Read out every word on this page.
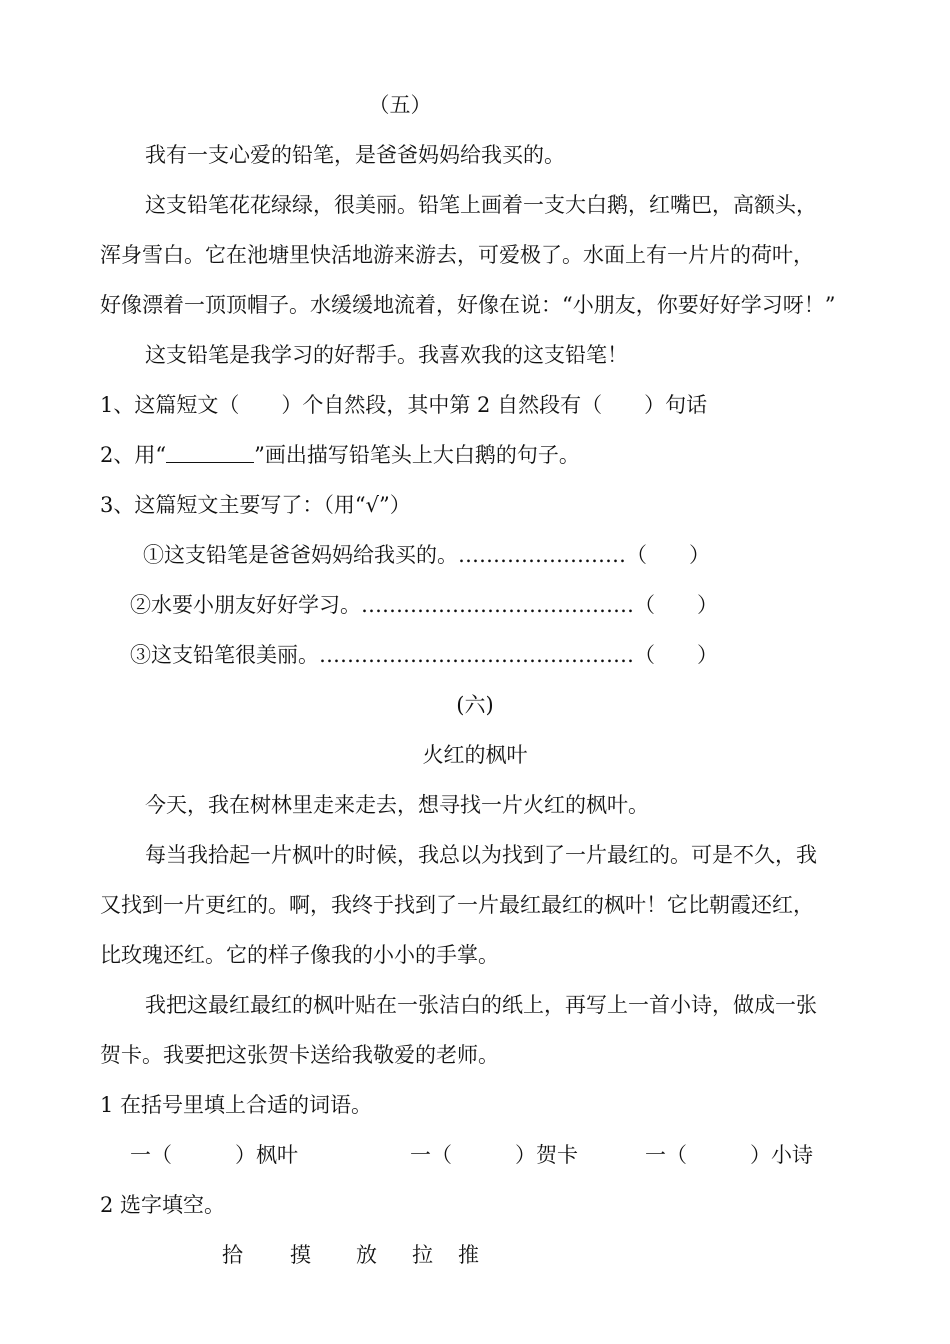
（五）
我有一支心爱的铅笔，是爸爸妈妈给我买的。
这支铅笔花花绿绿，很美丽。铅笔上画着一支大白鹅，红嘴巴，高额头，
浑身雪白。它在池塘里快活地游来游去，可爱极了。水面上有一片片的荷叶，
好像漂着一顶顶帽子。水缓缓地流着，好像在说：“小朋友，你要好好学习呀！”
这支铅笔是我学习的好帮手。我喜欢我的这支铅笔！
1、这篇短文（　　）个自然段，其中第 2 自然段有（　　）句话
2、用“	”画出描写铅笔头上大白鹅的句子。
3、这篇短文主要写了：（用“√”）
①这支铅笔是爸爸妈妈给我买的。……………………（　　）
②水要小朋友好好学习。…………………………………（　　）
③这支铅笔很美丽。………………………………………（　　）
(六)
火红的枫叶
今天，我在树林里走来走去，想寻找一片火红的枫叶。
每当我拾起一片枫叶的时候，我总以为找到了一片最红的。可是不久，我
又找到一片更红的。啊，我终于找到了一片最红最红的枫叶！它比朝霞还红，
比玫瑰还红。它的样子像我的小小的手掌。
我把这最红最红的枫叶贴在一张洁白的纸上，再写上一首小诗，做成一张
贺卡。我要把这张贺卡送给我敬爱的老师。
1 在括号里填上合适的词语。
一（　　　）枫叶	一（　　　）贺卡	一（　　　）小诗
2 选字填空。
拾 摸 放 拉 推
